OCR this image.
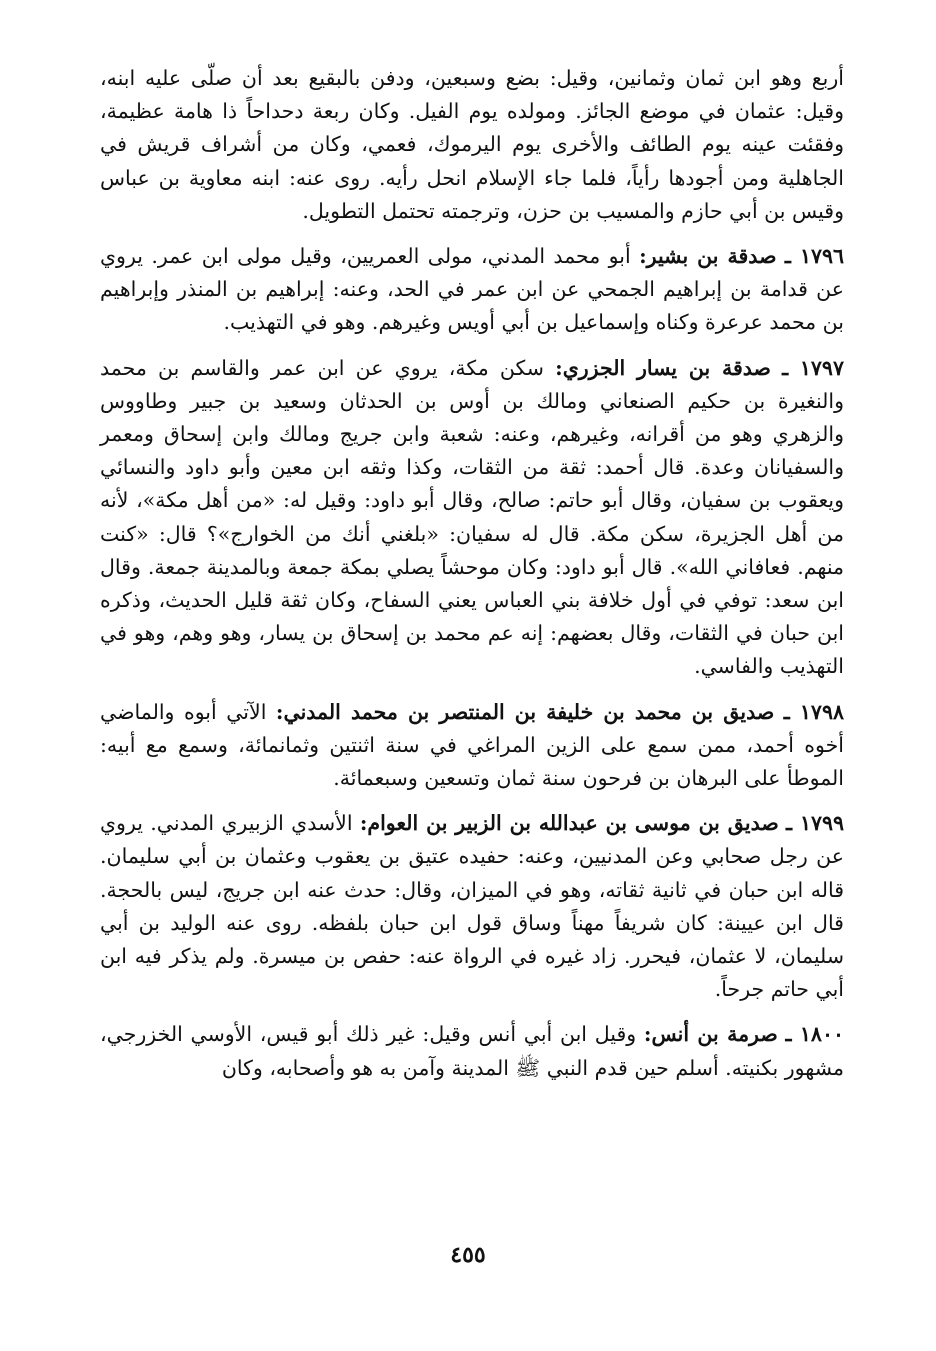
أربع وهو ابن ثمان وثمانين، وقيل: بضع وسبعين، ودفن بالبقيع بعد أن صلّى عليه ابنه، وقيل: عثمان في موضع الجائز. ومولده يوم الفيل. وكان ربعة دحداحاً ذا هامة عظيمة، وفقئت عينه يوم الطائف والأخرى يوم اليرموك، فعمي، وكان من أشراف قريش في الجاهلية ومن أجودها رأياً، فلما جاء الإسلام انحل رأيه. روى عنه: ابنه معاوية بن عباس وقيس بن أبي حازم والمسيب بن حزن، وترجمته تحتمل التطويل.

١٧٩٦ ـ صدقة بن بشير: أبو محمد المدني، مولى العمريين، وقيل مولى ابن عمر. يروي عن قدامة بن إبراهيم الجمحي عن ابن عمر في الحد، وعنه: إبراهيم بن المنذر وإبراهيم بن محمد عرعرة وكناه وإسماعيل بن أبي أويس وغيرهم. وهو في التهذيب.

١٧٩٧ ـ صدقة بن يسار الجزري: سكن مكة، يروي عن ابن عمر والقاسم بن محمد والنغيرة بن حكيم الصنعاني ومالك بن أوس بن الحدثان وسعيد بن جبير وطاووس والزهري وهو من أقرانه، وغيرهم، وعنه: شعبة وابن جريج ومالك وابن إسحاق ومعمر والسفيانان وعدة. قال أحمد: ثقة من الثقات، وكذا وثقه ابن معين وأبو داود والنسائي ويعقوب بن سفيان، وقال أبو حاتم: صالح، وقال أبو داود: وقيل له: «من أهل مكة»، لأنه من أهل الجزيرة، سكن مكة. قال له سفيان: «بلغني أنك من الخوارج»؟ قال: «كنت منهم. فعافاني الله». قال أبو داود: وكان موحشاً يصلي بمكة جمعة وبالمدينة جمعة. وقال ابن سعد: توفي في أول خلافة بني العباس يعني السفاح، وكان ثقة قليل الحديث، وذكره ابن حبان في الثقات، وقال بعضهم: إنه عم محمد بن إسحاق بن يسار، وهو وهم، وهو في التهذيب والفاسي.

١٧٩٨ ـ صديق بن محمد بن خليفة بن المنتصر بن محمد المدني: الآتي أبوه والماضي أخوه أحمد، ممن سمع على الزين المراغي في سنة اثنتين وثمانمائة، وسمع مع أبيه: الموطأ على البرهان بن فرحون سنة ثمان وتسعين وسبعمائة.

١٧٩٩ ـ صديق بن موسى بن عبدالله بن الزبير بن العوام: الأسدي الزبيري المدني. يروي عن رجل صحابي وعن المدنيين، وعنه: حفيده عتيق بن يعقوب وعثمان بن أبي سليمان. قاله ابن حبان في ثانية ثقاته، وهو في الميزان، وقال: حدث عنه ابن جريج، ليس بالحجة. قال ابن عيينة: كان شريفاً مهناً وساق قول ابن حبان بلفظه. روى عنه الوليد بن أبي سليمان، لا عثمان، فيحرر. زاد غيره في الرواة عنه: حفص بن ميسرة. ولم يذكر فيه ابن أبي حاتم جرحاً.

١٨٠٠ ـ صرمة بن أنس: وقيل ابن أبي أنس وقيل: غير ذلك أبو قيس، الأوسي الخزرجي، مشهور بكنيته. أسلم حين قدم النبي ﷺ المدينة وآمن به هو وأصحابه، وكان

٤٥٥
